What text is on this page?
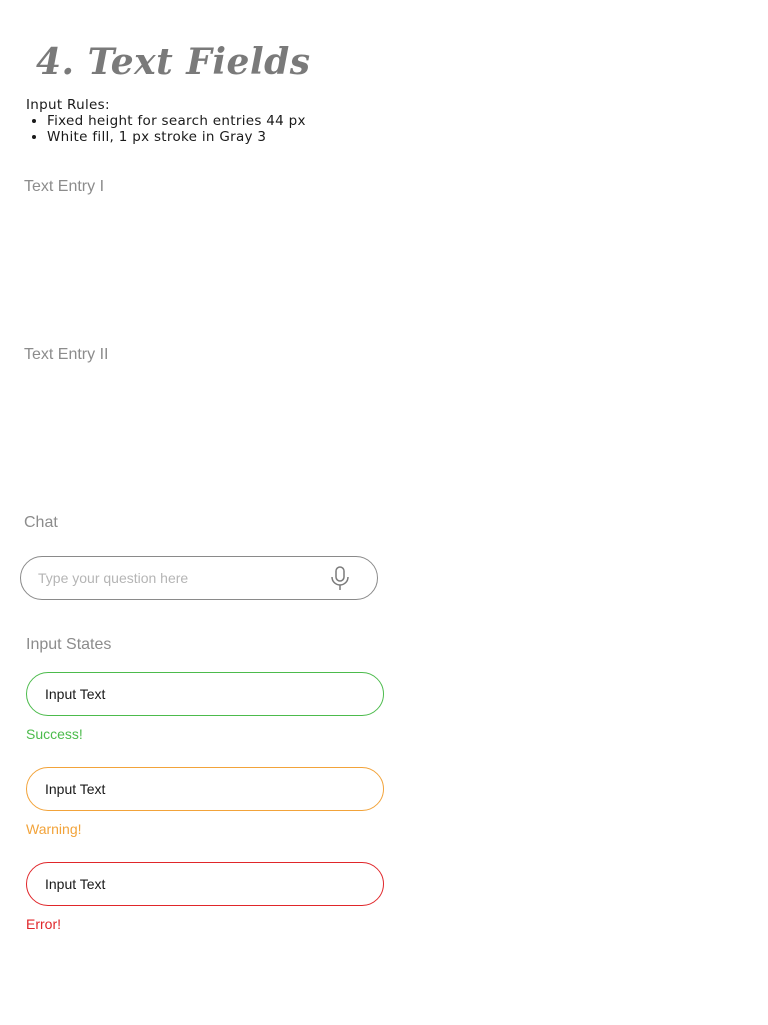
4. Text Fields
Input Rules:
• Fixed height for search entries 44 px
• White fill, 1 px stroke in Gray 3
Text Entry I
Text Entry II
Chat
Type your question here
Input States
Input Text
Success!
Input Text
Warning!
Input Text
Error!
